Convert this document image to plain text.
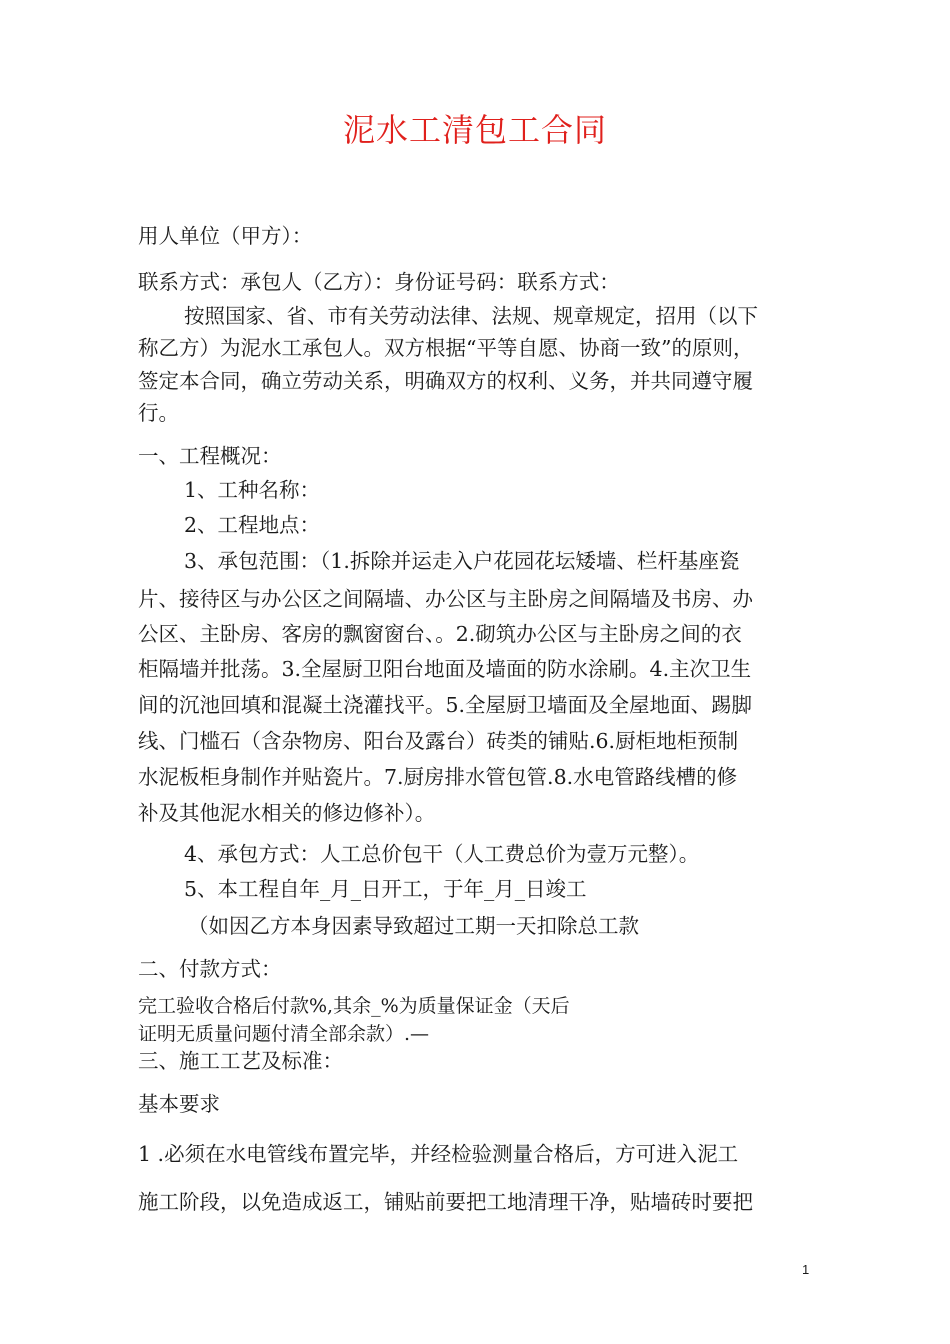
泥水工清包工合同
用人单位（甲方）：
联系方式：承包人（乙方）：身份证号码：联系方式：
按照国家、省、市有关劳动法律、法规、规章规定，招用（以下
称乙方）为泥水工承包人。双方根据“平等自愿、协商一致”的原则，
签定本合同，确立劳动关系，明确双方的权利、义务，并共同遵守履
行。
一、工程概况：
1、工种名称：
2、工程地点：
3、承包范围：（1.拆除并运走入户花园花坛矮墙、栏杆基座瓷
片、接待区与办公区之间隔墙、办公区与主卧房之间隔墙及书房、办
公区、主卧房、客房的飘窗窗台、。2.砌筑办公区与主卧房之间的衣
柜隔墙并批荡。3.全屋厨卫阳台地面及墙面的防水涂刷。4.主次卫生
间的沉池回填和混凝土浇灌找平。5.全屋厨卫墙面及全屋地面、踢脚
线、门槛石（含杂物房、阳台及露台）砖类的铺贴.6.厨柜地柜预制
水泥板柜身制作并贴瓷片。7.厨房排水管包管.8.水电管路线槽的修
补及其他泥水相关的修边修补）。
4、承包方式：人工总价包干（人工费总价为壹万元整）。
5、本工程自年_月_日开工，于年_月_日竣工
（如因乙方本身因素导致超过工期一天扣除总工款
二、付款方式：
完工验收合格后付款%,其余_%为质量保证金（天后
证明无质量问题付清全部余款）.—
三、施工工艺及标准：
基本要求
1 .必须在水电管线布置完毕，并经检验测量合格后，方可进入泥工
施工阶段，以免造成返工，铺贴前要把工地清理干净，贴墙砖时要把
1
